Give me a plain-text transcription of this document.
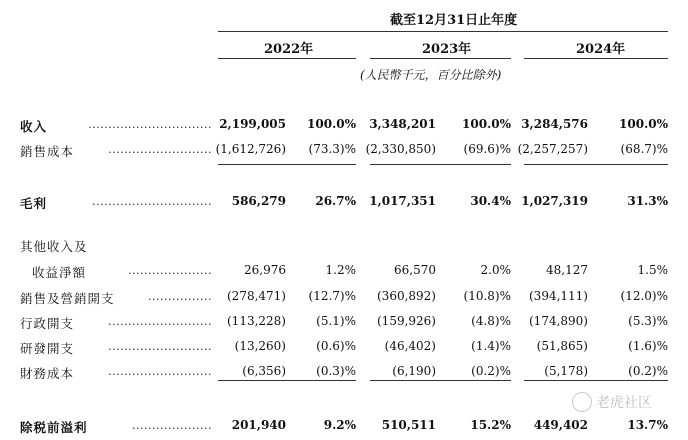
截至12月31日止年度
2022年	2023年	2024年
(人民幣千元，百分比除外)
收入	............................... 2,199,005 100.0% 3,348,201 100.0% 3,284,576	100.0%
銷售成本	.......................... (1,612,726) (73.3)% (2,330,850) (69.6)% (2,257,257)	(68.7)%
毛利	.............................. 586,279 26.7% 1,017,351	30.4% 1,027,319	31.3%
其他收入及
收益淨額	.....................	26,976	1.2%	66,570	2.0%	48,127	1.5%
銷售及營銷開支	................ (278,471) (12.7)% (360,892) (10.8)% (394,111)	(12.0)%
行政開支	.......................... (113,228)	(5.1)% (159,926)	(4.8)% (174,890)	(5.3)%
研發開支	.......................... (13,260)	(0.6)% (46,402)	(1.4)% (51,865)	(1.6)%
財務成本	..........................	(6,356)	(0.3)%	(6,190)	(0.2)%	(5,178)	(0.2)%
除税前溢利	.................... 201,940	9.2% 510,511	15.2% 449,402	13.7%
老虎社区
